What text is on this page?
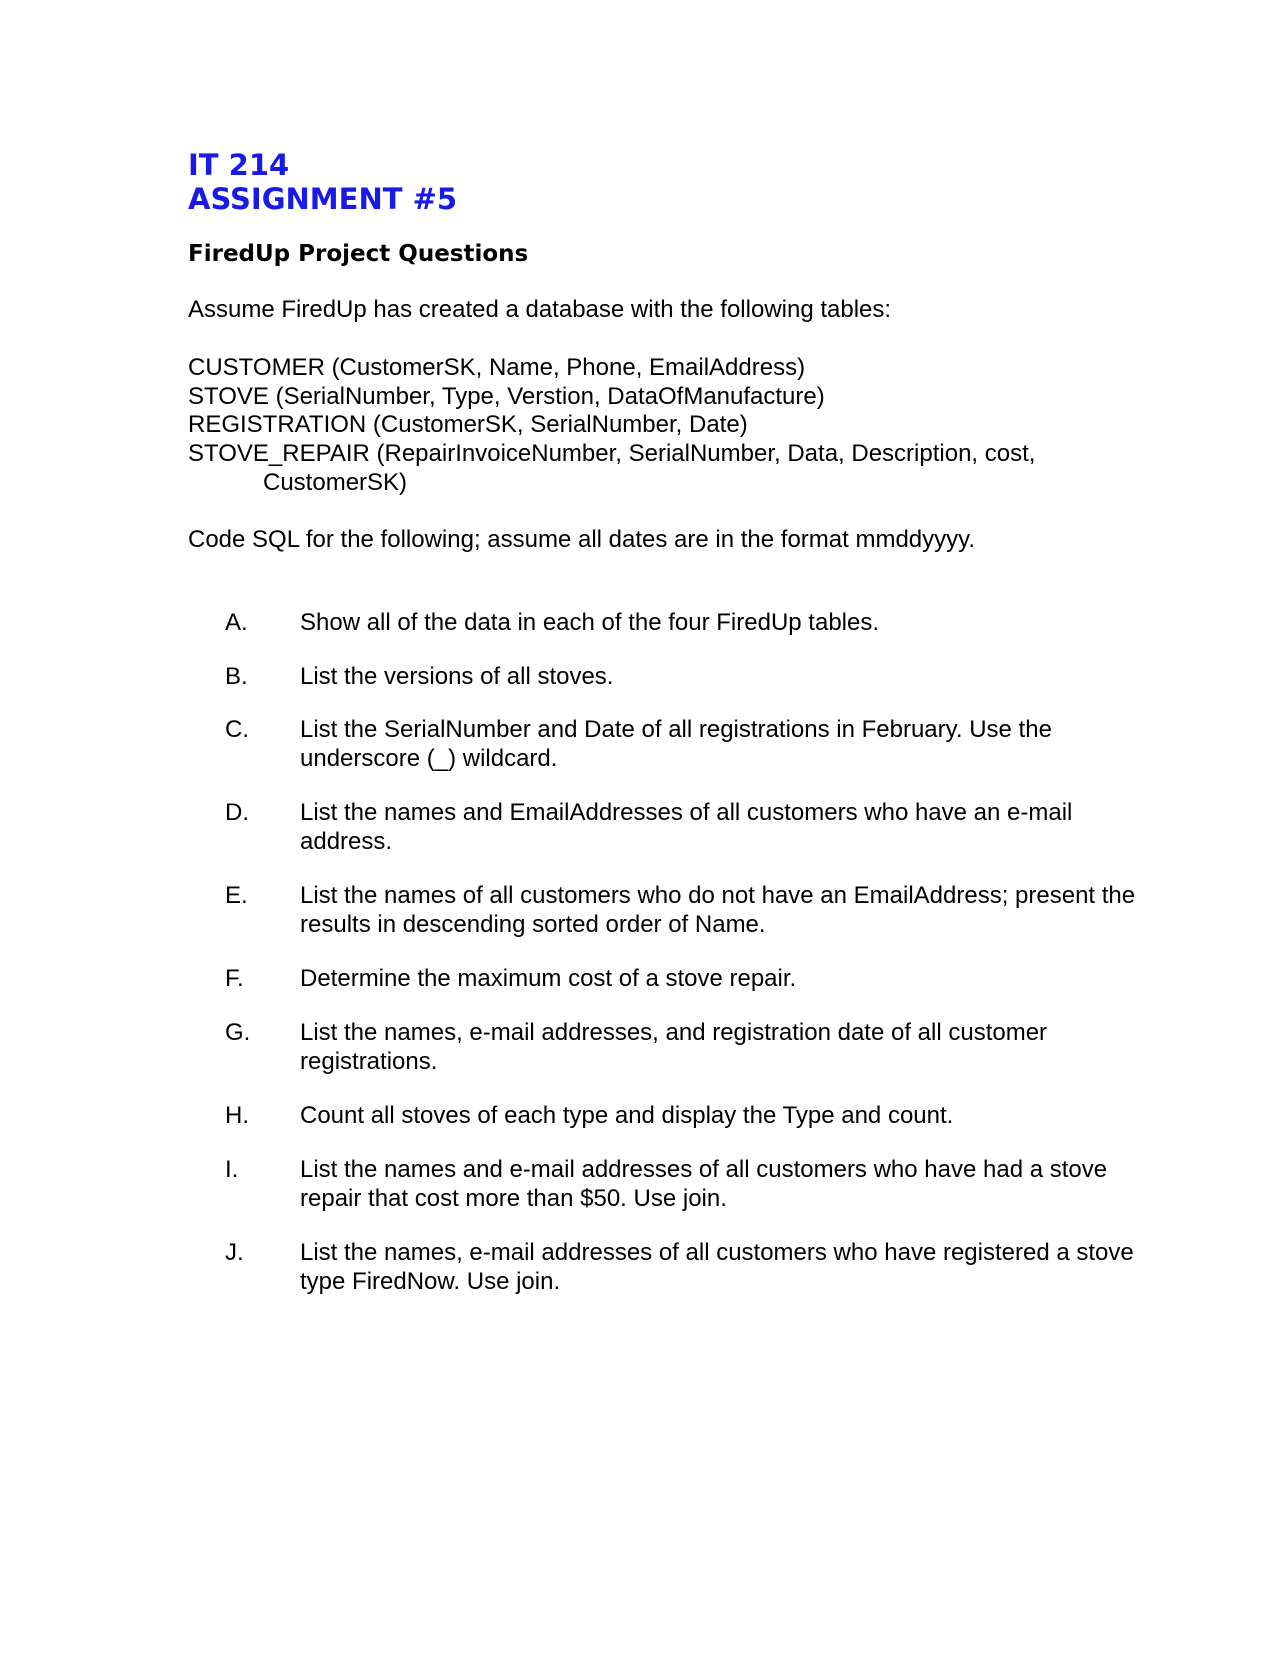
IT 214
ASSIGNMENT #5
FiredUp Project Questions
Assume FiredUp has created a database with the following tables:
CUSTOMER (CustomerSK, Name, Phone, EmailAddress)
STOVE (SerialNumber, Type, Verstion, DataOfManufacture)
REGISTRATION (CustomerSK, SerialNumber, Date)
STOVE_REPAIR (RepairInvoiceNumber, SerialNumber, Data, Description, cost,
CustomerSK)
Code SQL for the following; assume all dates are in the format mmddyyyy.
A. Show all of the data in each of the four FiredUp tables.
B. List the versions of all stoves.
C. List the SerialNumber and Date of all registrations in February. Use the underscore (_) wildcard.
D. List the names and EmailAddresses of all customers who have an e-mail address.
E. List the names of all customers who do not have an EmailAddress; present the results in descending sorted order of Name.
F. Determine the maximum cost of a stove repair.
G. List the names, e-mail addresses, and registration date of all customer registrations.
H. Count all stoves of each type and display the Type and count.
I.	List the names and e-mail addresses of all customers who have had a stove repair that cost more than $50. Use join.
J. List the names, e-mail addresses of all customers who have registered a stove type FiredNow. Use join.
